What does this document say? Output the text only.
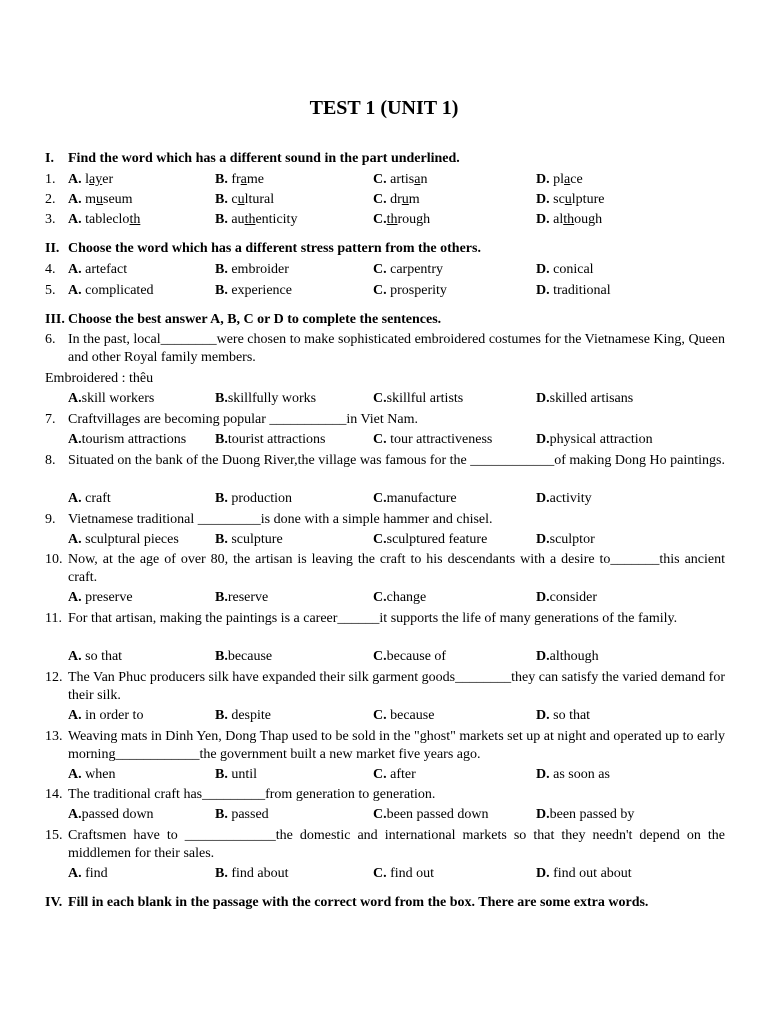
TEST 1 (UNIT 1)
I. Find the word which has a different sound in the part underlined.
1. A. layer	B. frame	C. artisan	D. place
2. A. museum	B. cultural	C. drum	D. sculpture
3. A. tablecloth	B. authenticity	C.through	D. although
II. Choose the word which has a different stress pattern from the others.
4. A. artefact	B. embroider	C. carpentry	D. conical
5. A. complicated	B. experience	C. prosperity	D. traditional
III. Choose the best answer A, B, C or D to complete the sentences.
6. In the past, local________were chosen to make sophisticated embroidered costumes for the Vietnamese King, Queen and other Royal family members.
Embroidered : thêu
A.skill workers	B.skillfully works	C.skillful artists	D.skilled artisans
7. Craftvillages are becoming popular ___________in Viet Nam.
A.tourism attractions B.tourist attractions	C. tour attractiveness	D.physical attraction
8. Situated on the bank of the Duong River,the village was famous for the ____________of making Dong Ho paintings.
A. craft	B. production	C.manufacture	D.activity
9. Vietnamese traditional _________is done with a simple hammer and chisel.
A. sculptural pieces	B. sculpture	C.sculptured feature	D.sculptor
10. Now, at the age of over 80, the artisan is leaving the craft to his descendants with a desire to_______this ancient craft.
A. preserve	B.reserve	C.change	D.consider
11. For that artisan, making the paintings is a career______it supports the life of many generations of the family.
A. so that	B.because	C.because of	D.although
12. The Van Phuc producers silk have expanded their silk garment goods________they can satisfy the varied demand for their silk.
A. in order to	B. despite	C. because	D. so that
13. Weaving mats in Dinh Yen, Dong Thap used to be sold in the "ghost" markets set up at night and operated up to early morning____________the government built a new market five years ago.
A. when	B. until	C. after	D. as soon as
14. The traditional craft has_________from generation to generation.
A.passed down	B. passed	C.been passed down	D.been passed by
15. Craftsmen have to _____________the domestic and international markets so that they needn't depend on the middlemen for their sales.
A. find	B. find about	C. find out	D. find out about
IV. Fill in each blank in the passage with the correct word from the box. There are some extra words.
